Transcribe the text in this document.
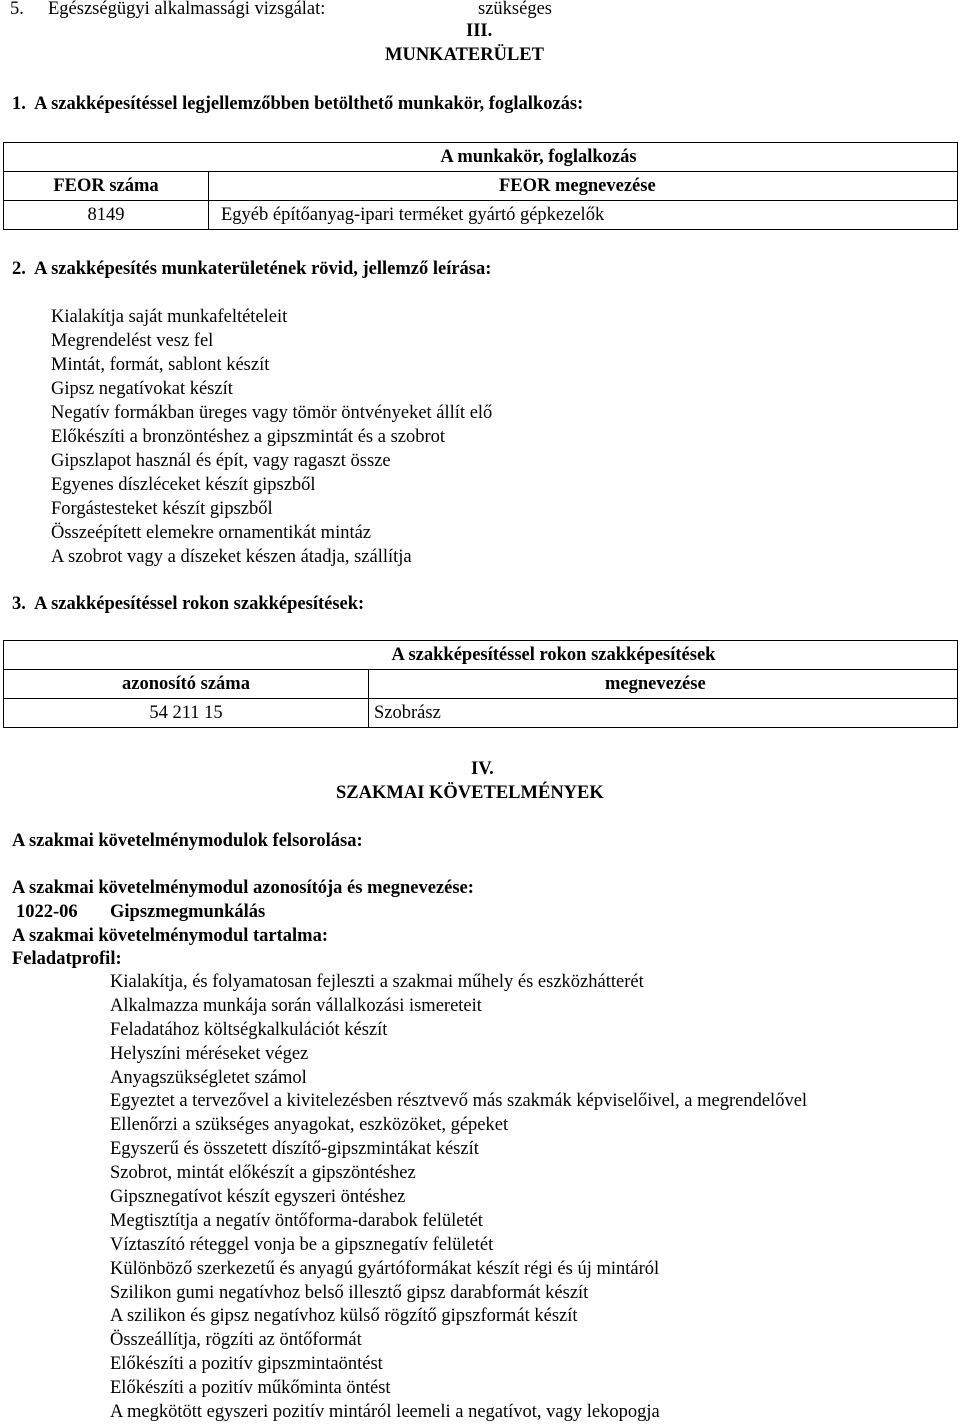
5. Egészségügyi alkalmassági vizsgálat:	szükséges
III.
MUNKATERÜLET
1.  A szakképesítéssel legjellemzőbben betölthető munkakör, foglalkozás:
A munkakör, foglalkozás	
FEOR száma	FEOR megnevezése
8149	Egyéb építőanyag-ipari terméket gyártó gépkezelők
2.  A szakképesítés munkaterületének rövid, jellemző leírása:
Kialakítja saját munkafeltételeit
Megrendelést vesz fel
Mintát, formát, sablont készít
Gipsz negatívokat készít
Negatív formákban üreges vagy tömör öntvényeket állít elő
Előkészíti a bronzöntéshez a gipszmintát és a szobrot
Gipszlapot használ és épít, vagy ragaszt össze
Egyenes díszléceket készít gipszből
Forgástesteket készít gipszből
Összeépített elemekre ornamentikát mintáz
A szobrot vagy a díszeket készen átadja, szállítja
3.  A szakképesítéssel rokon szakképesítések:
A szakképesítéssel rokon szakképesítések	
azonosító száma	megnevezése
54 211 15	Szobrász
IV.
SZAKMAI KÖVETELMÉNYEK
A szakmai követelménymodulok felsorolása:
A szakmai követelménymodul azonosítója és megnevezése:
1022-06 Gipszmegmunkálás
A szakmai követelménymodul tartalma:
Feladatprofil:
Kialakítja, és folyamatosan fejleszti a szakmai műhely és eszközhátterét
Alkalmazza munkája során vállalkozási ismereteit
Feladatához költségkalkulációt készít
Helyszíni méréseket végez
Anyagszükségletet számol
Egyeztet a tervezővel a kivitelezésben résztvevő más szakmák képviselőivel, a megrendelővel
Ellenőrzi a szükséges anyagokat, eszközöket, gépeket
Egyszerű és összetett díszítő-gipszmintákat készít
Szobrot, mintát előkészít a gipszöntéshez
Gipsznegatívot készít egyszeri öntéshez
Megtisztítja a negatív öntőforma-darabok felületét
Víztaszító réteggel vonja be a gipsznegatív felületét
Különböző szerkezetű és anyagú gyártóformákat készít régi és új mintáról
Szilikon gumi negatívhoz belső illesztő gipsz darabformát készít
A szilikon és gipsz negatívhoz külső rögzítő gipszformát készít
Összeállítja, rögzíti az öntőformát
Előkészíti a pozitív gipszmintaöntést
Előkészíti a pozitív műkőminta öntést
A megkötött egyszeri pozitív mintáról leemeli a negatívot, vagy lekopogja
